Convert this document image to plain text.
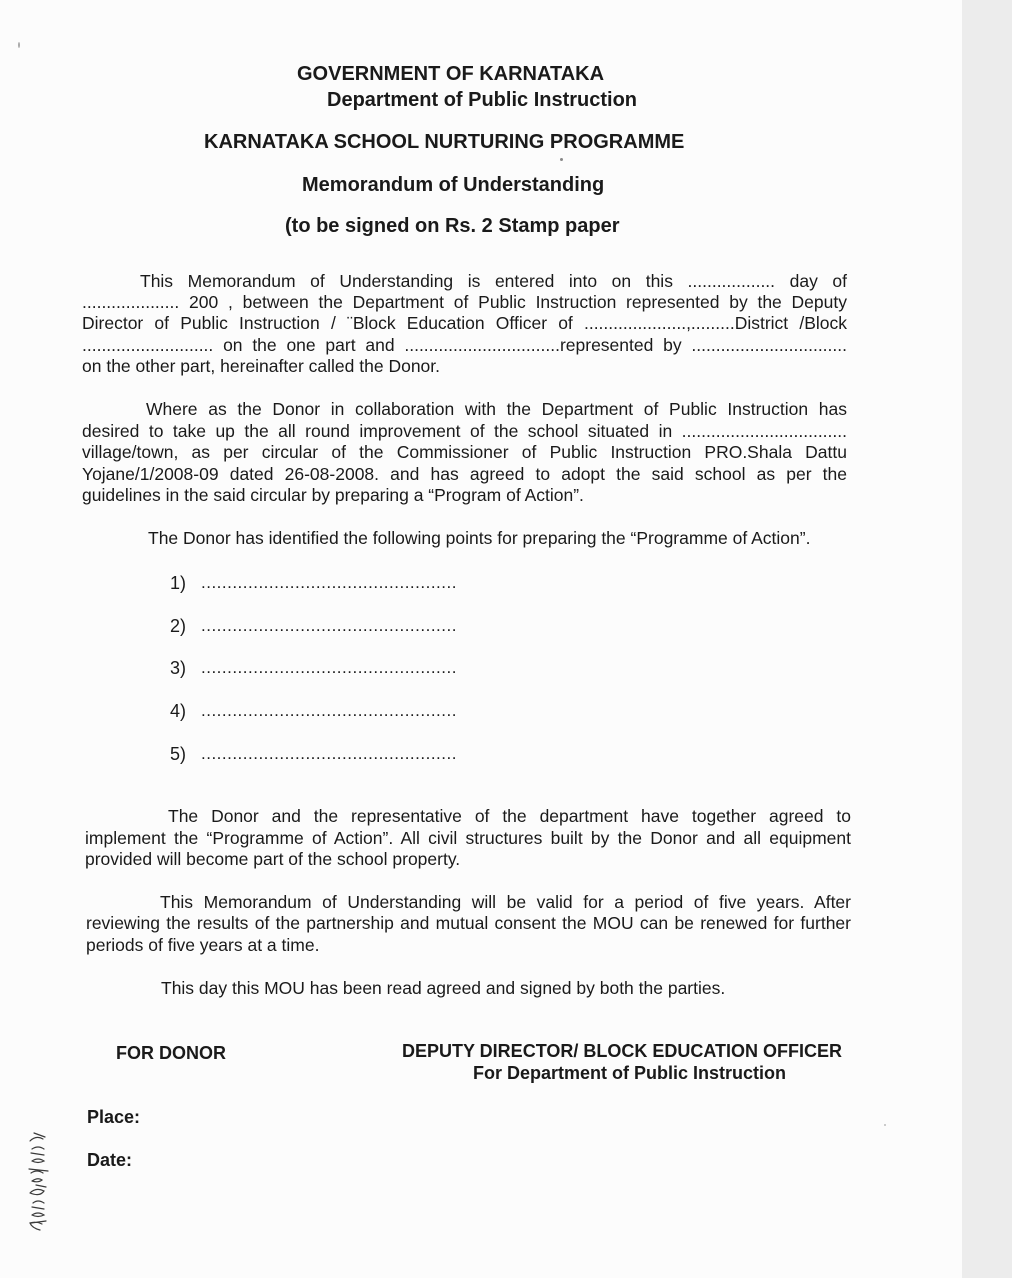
GOVERNMENT OF KARNATAKA
Department of Public Instruction
KARNATAKA SCHOOL NURTURING PROGRAMME
Memorandum of Understanding
(to be signed on Rs. 2 Stamp paper
This Memorandum of Understanding is entered into on this .................. day of
.................... 200 , between the Department of Public Instruction represented by the Deputy
Director of Public Instruction / ¨Block Education Officer of .....................,.........District /Block
........................... on the one part and ................................represented by ................................
on the other part, hereinafter called the Donor.
Where as the Donor in collaboration with the Department of Public Instruction has
desired to take up the all round improvement of the school situated in ..................................
village/town, as per circular of the Commissioner of Public Instruction PRO.Shala Dattu
Yojane/1/2008-09 dated 26-08-2008. and has agreed to adopt the said school as per the
guidelines in the said circular by preparing a “Program of Action”.
The Donor has identified the following points for preparing the “Programme of Action”.
1) .................................................
2) .................................................
3) .................................................
4) .................................................
5) .................................................
The Donor and the representative of the department have together agreed to
implement the “Programme of Action”. All civil structures built by the Donor and all equipment
provided will become part of the school property.
This Memorandum of Understanding will be valid for a period of five years. After
reviewing the results of the partnership and mutual consent the MOU can be renewed for further
periods of five years at a time.
This day this MOU has been read agreed and signed by both the parties.
FOR DONOR	DEPUTY DIRECTOR/ BLOCK EDUCATION OFFICER
For Department of Public Instruction
Place:
Date:
